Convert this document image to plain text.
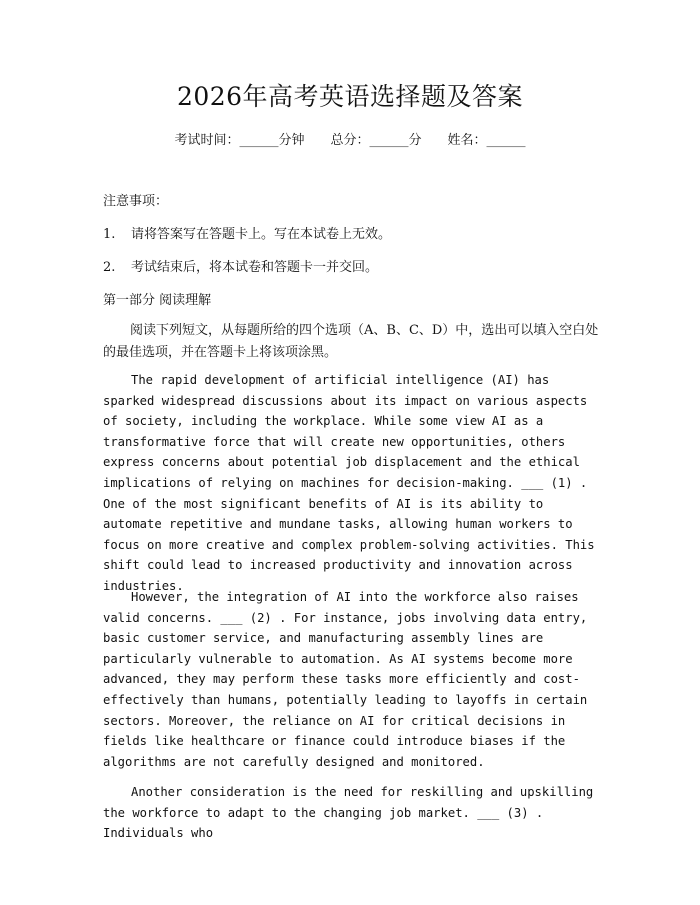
2026年高考英语选择题及答案
考试时间：______分钟 总分：______分 姓名：______

注意事项：

1. 请将答案写在答题卡上。写在本试卷上无效。

2. 考试结束后，将本试卷和答题卡一并交回。

第一部分 阅读理解

阅读下列短文，从每题所给的四个选项（A、B、C、D）中，选出可以填入空白处的最佳选项，并在答题卡上将该项涂黑。

The rapid development of artificial intelligence (AI) has sparked widespread discussions about its impact on various aspects of society, including the workplace. While some view AI as a transformative force that will create new opportunities, others express concerns about potential job displacement and the ethical implications of relying on machines for decision-making. ___ (1) . One of the most significant benefits of AI is its ability to automate repetitive and mundane tasks, allowing human workers to focus on more creative and complex problem-solving activities. This shift could lead to increased productivity and innovation across industries.

However, the integration of AI into the workforce also raises valid concerns. ___ (2) . For instance, jobs involving data entry, basic customer service, and manufacturing assembly lines are particularly vulnerable to automation. As AI systems become more advanced, they may perform these tasks more efficiently and cost-effectively than humans, potentially leading to layoffs in certain sectors. Moreover, the reliance on AI for critical decisions in fields like healthcare or finance could introduce biases if the algorithms are not carefully designed and monitored.

Another consideration is the need for reskilling and upskilling the workforce to adapt to the changing job market. ___ (3) . Individuals who
